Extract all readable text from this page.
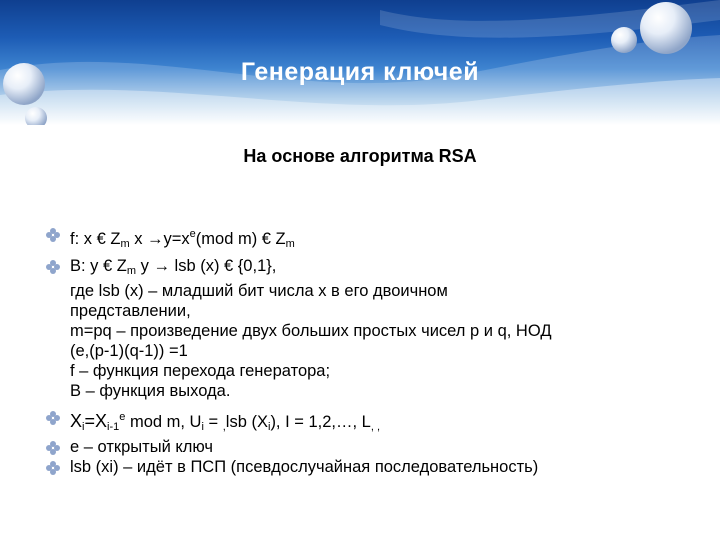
Генерация ключей
На основе алгоритма RSA
f: x € $Z_m$ $x \to y=x^e(mod$ m) € $Z_m$
B: y € $Z_m$ y → lsb (x) € {0,1},
где lsb (x) – младший бит числа x в его двоичном
представлении,
m=pq – произведение двух больших простых чисел p и q, НОД
(e,(p-1)(q-1)) =1
f – функция перехода генератора;
B – функция выхода.
$X_i=X_{i-1}^e$ mod m, $U_i = _,lsb$ $(X_i)$, I = 1,2,…, $L_{, ,}$
e – открытый ключ
lsb (xi) – идёт в ПСП (псевдослучайная последовательность)
